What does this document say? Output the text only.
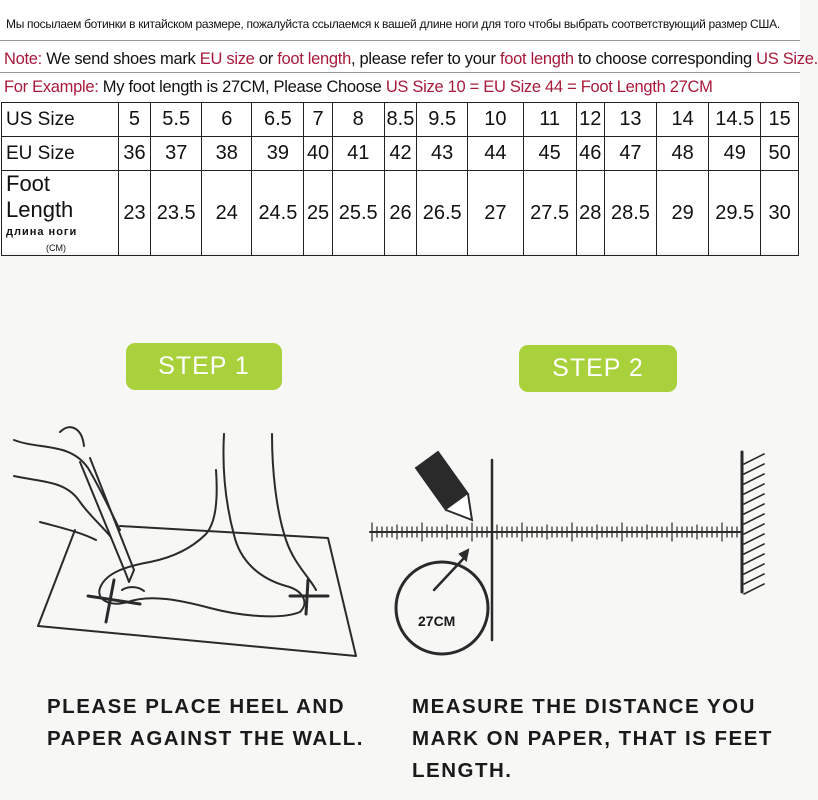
Мы посылаем ботинки в китайском размере, пожалуйста ссылаемся к вашей длине ноги для того чтобы выбрать соответствующий размер США.
Note: We send shoes mark EU size or foot length, please refer to your foot length to choose corresponding US Size.
For Example: My foot length is 27CM, Please Choose US Size 10 = EU Size 44 = Foot Length 27CM
US Size	5	5.5	6	6.5	7	8	8.5	9.5	10	11	12	13	14	14.5	15
EU Size	36	37	38	39	40	41	42	43	44	45	46	47	48	49	50

Foot Length
длина ноги
(CM)	23	23.5	24	24.5	25	25.5	26	26.5	27	27.5	28	28.5	29	29.5	30
STEP 1
PLEASE PLACE HEEL AND
PAPER AGAINST THE WALL.
STEP 2
27CM
MEASURE THE DISTANCE YOU
MARK ON PAPER, THAT IS FEET
LENGTH.
